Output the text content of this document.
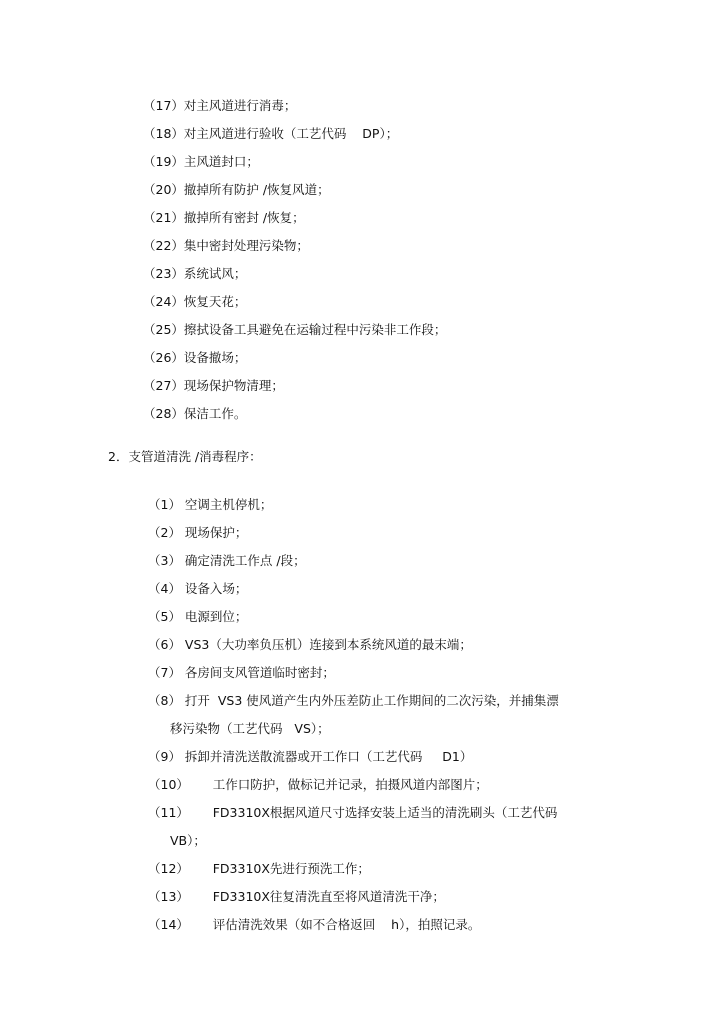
（17）对主风道进行消毒；
（18）对主风道进行验收（工艺代码    DP）；
（19）主风道封口；
（20）撤掉所有防护 /恢复风道；
（21）撤掉所有密封 /恢复；
（22）集中密封处理污染物；
（23）系统试风；
（24）恢复天花；
（25）擦拭设备工具避免在运输过程中污染非工作段；
（26）设备撤场；
（27）现场保护物清理；
（28）保洁工作。
2．支管道清洗 /消毒程序：
（1） 空调主机停机；
（2） 现场保护；
（3） 确定清洗工作点 /段；
（4） 设备入场；
（5） 电源到位；
（6） VS3（大功率负压机）连接到本系统风道的最末端；
（7） 各房间支风管道临时密封；
（8） 打开  VS3 使风道产生内外压差防止工作期间的二次污染，并捕集漂
移污染物（工艺代码   VS）；
（9） 拆卸并清洗送散流器或开工作口（工艺代码     D1）
（10）      工作口防护，做标记并记录，拍摄风道内部图片；
（11）      FD3310X根据风道尺寸选择安装上适当的清洗刷头（工艺代码
VB）；
（12）      FD3310X先进行预洗工作；
（13）      FD3310X往复清洗直至将风道清洗干净；
（14）      评估清洗效果（如不合格返回    h），拍照记录。
